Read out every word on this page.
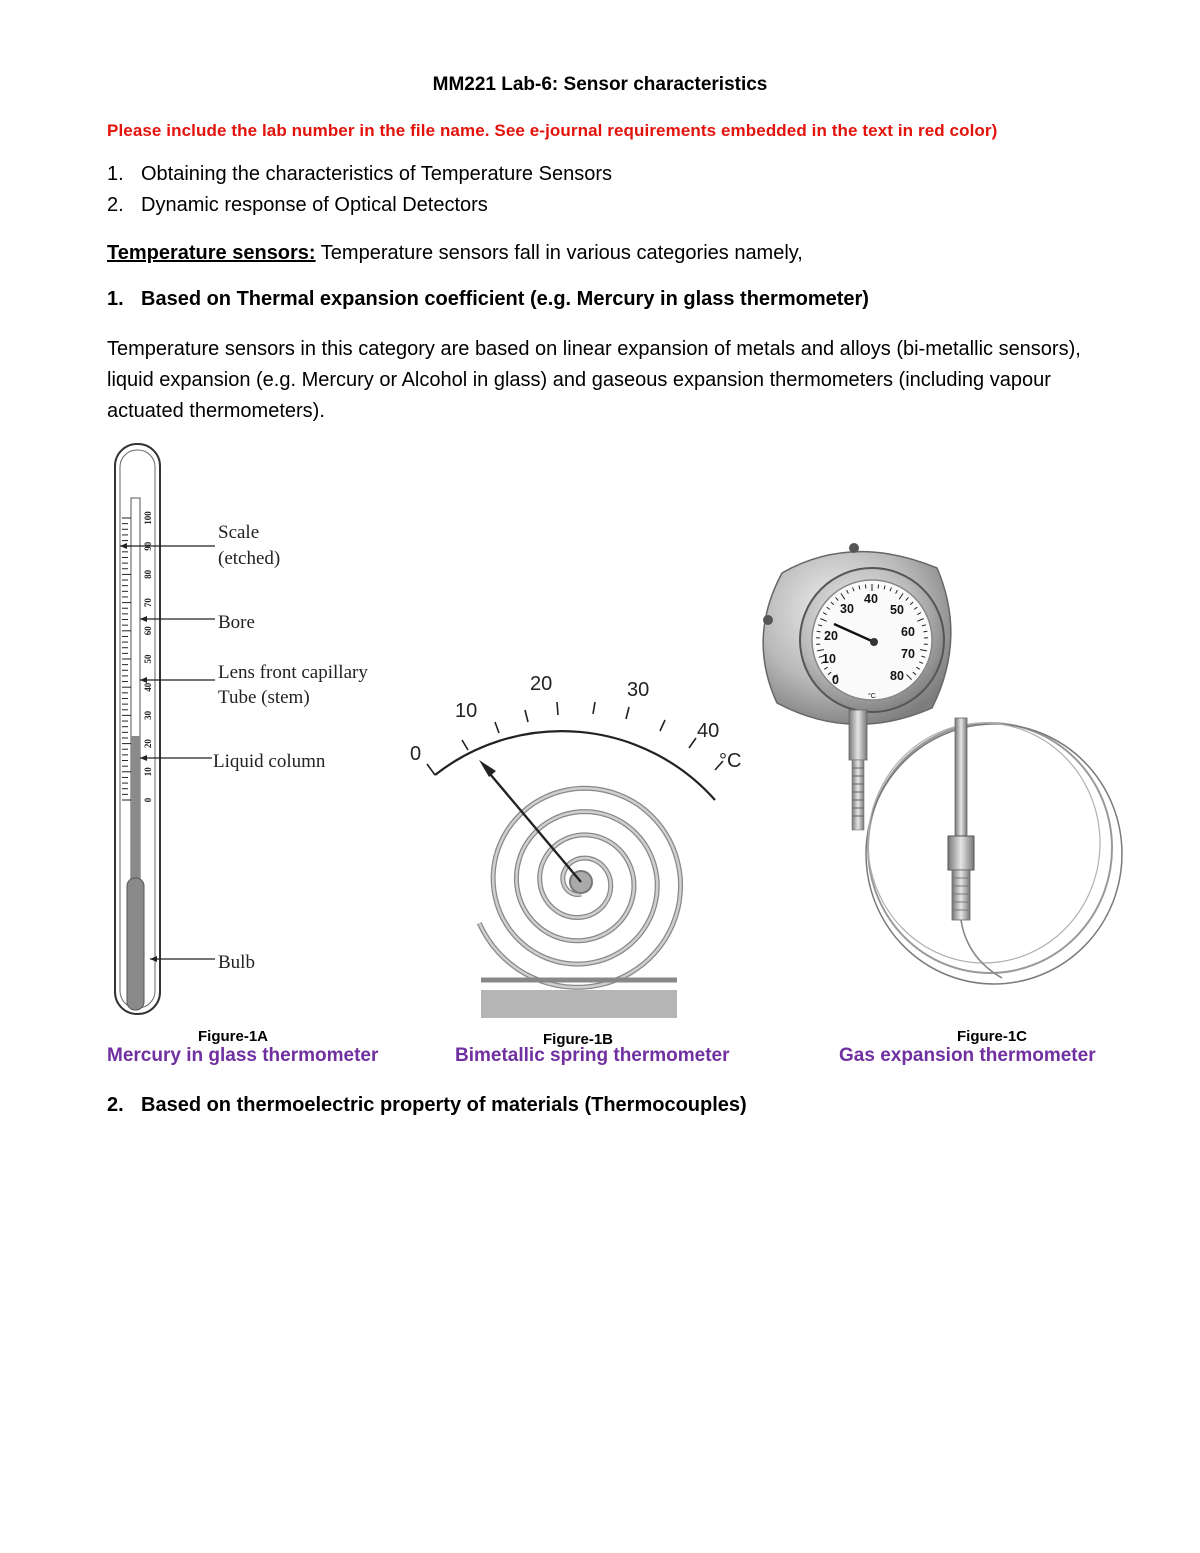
MM221 Lab-6: Sensor characteristics
Please include the lab number in the file name. See e-journal requirements embedded in the text in red color)
1. Obtaining the characteristics of Temperature Sensors
2. Dynamic response of Optical Detectors
Temperature sensors: Temperature sensors fall in various categories namely,
1. Based on Thermal expansion coefficient (e.g. Mercury in glass thermometer)
Temperature sensors in this category are based on linear expansion of metals and alloys (bi-metallic sensors), liquid expansion (e.g. Mercury or Alcohol in glass) and gaseous expansion thermometers (including vapour actuated thermometers).
0
10
20
30
40
50
60
70
80
90
100
Scale
(etched)
Bore
Lens front capillary
Tube (stem)
Liquid column
Bulb
0
10
20	30
40
°C
0
10
20
30
40
50
60
70
80
°C
Figure-1A	Figure-1B	Figure-1C
Mercury in glass thermometer	Bimetallic spring thermometer	Gas expansion thermometer
2. Based on thermoelectric property of materials (Thermocouples)
